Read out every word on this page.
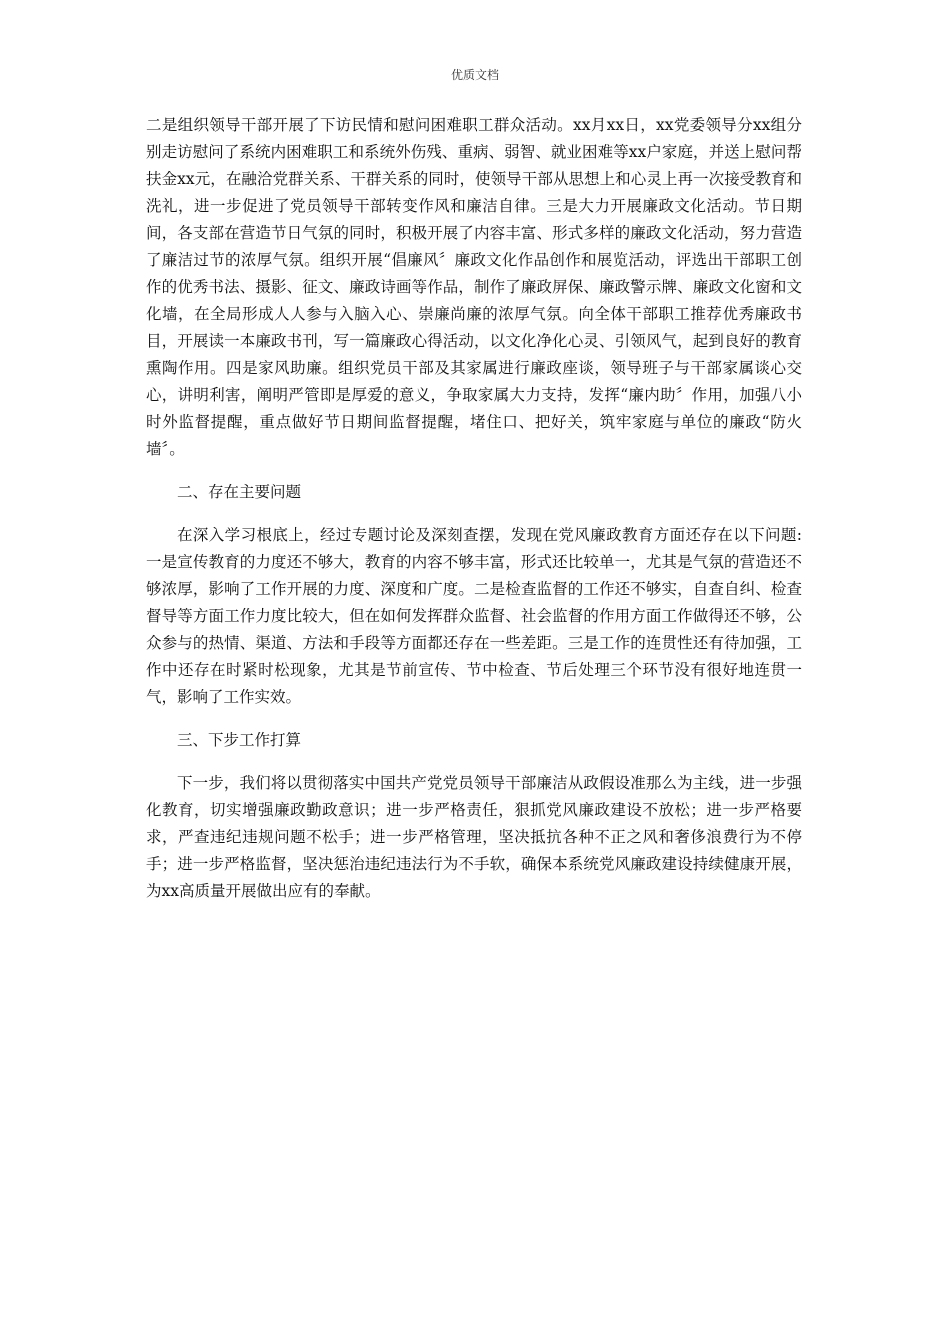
优质文档

二是组织领导干部开展了下访民情和慰问困难职工群众活动。xx月xx日，xx党委领导分xx组分别走访慰问了系统内困难职工和系统外伤残、重病、弱智、就业困难等xx户家庭，并送上慰问帮扶金xx元，在融洽党群关系、干群关系的同时，使领导干部从思想上和心灵上再一次接受教育和洗礼，进一步促进了党员领导干部转变作风和廉洁自律。三是大力开展廉政文化活动。节日期间，各支部在营造节日气氛的同时，积极开展了内容丰富、形式多样的廉政文化活动，努力营造了廉洁过节的浓厚气氛。组织开展“倡廉风〞廉政文化作品创作和展览活动，评选出干部职工创作的优秀书法、摄影、征文、廉政诗画等作品，制作了廉政屏保、廉政警示牌、廉政文化窗和文化墙，在全局形成人人参与入脑入心、崇廉尚廉的浓厚气氛。向全体干部职工推荐优秀廉政书目，开展读一本廉政书刊，写一篇廉政心得活动，以文化净化心灵、引领风气，起到良好的教育熏陶作用。四是家风助廉。组织党员干部及其家属进行廉政座谈，领导班子与干部家属谈心交心，讲明利害，阐明严管即是厚爱的意义，争取家属大力支持，发挥“廉内助〞作用，加强八小时外监督提醒，重点做好节日期间监督提醒，堵住口、把好关，筑牢家庭与单位的廉政“防火墙〞。

二、存在主要问题

在深入学习根底上，经过专题讨论及深刻查摆，发现在党风廉政教育方面还存在以下问题:一是宣传教育的力度还不够大，教育的内容不够丰富，形式还比较单一，尤其是气氛的营造还不够浓厚，影响了工作开展的力度、深度和广度。二是检查监督的工作还不够实，自查自纠、检查督导等方面工作力度比较大，但在如何发挥群众监督、社会监督的作用方面工作做得还不够，公众参与的热情、渠道、方法和手段等方面都还存在一些差距。三是工作的连贯性还有待加强，工作中还存在时紧时松现象，尤其是节前宣传、节中检查、节后处理三个环节没有很好地连贯一气，影响了工作实效。

三、下步工作打算

下一步，我们将以贯彻落实中国共产党党员领导干部廉洁从政假设准那么为主线，进一步强化教育，切实增强廉政勤政意识；进一步严格责任，狠抓党风廉政建设不放松；进一步严格要求，严查违纪违规问题不松手；进一步严格管理，坚决抵抗各种不正之风和奢侈浪费行为不停手；进一步严格监督，坚决惩治违纪违法行为不手软，确保本系统党风廉政建设持续健康开展，为xx高质量开展做出应有的奉献。
